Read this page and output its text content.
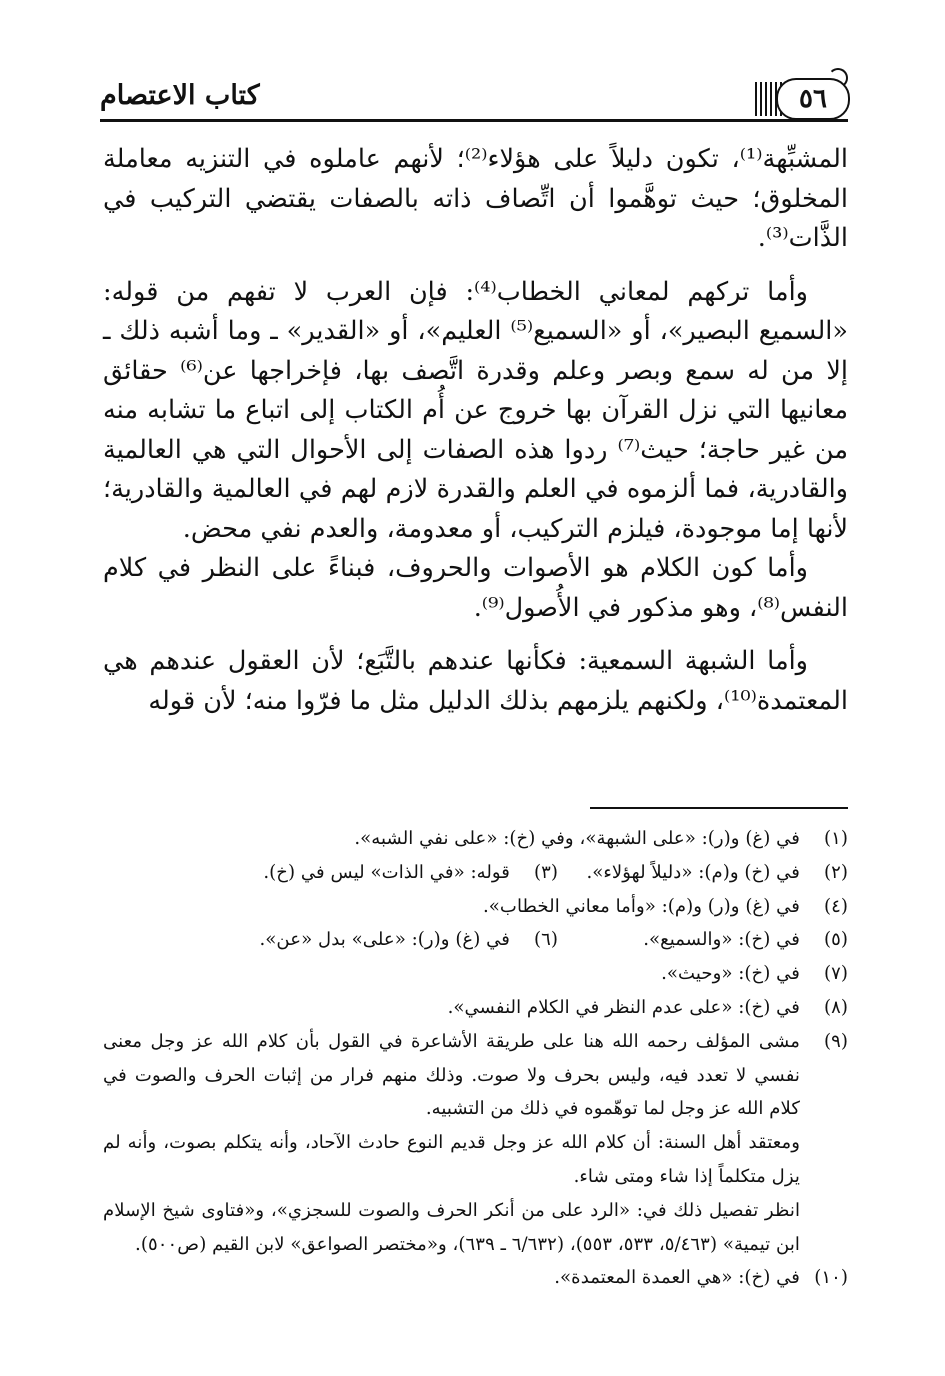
كتاب الاعتصام	٥٦

المشبِّهة⁽¹⁾، تكون دليلاً على هؤلاء⁽²⁾؛ لأنهم عاملوه في التنزيه معاملة المخلوق؛ حيث توهَّموا أن اتِّصاف ذاته بالصفات يقتضي التركيب في الذَّات⁽³⁾.

وأما تركهم لمعاني الخطاب⁽⁴⁾: فإن العرب لا تفهم من قوله: «السميع البصير»، أو «السميع⁽⁵⁾ العليم»، أو «القدير» ـ وما أشبه ذلك ـ إلا من له سمع وبصر وعلم وقدرة اتَّصف بها، فإخراجها عن⁽⁶⁾ حقائق معانيها التي نزل القرآن بها خروج عن أُم الكتاب إلى اتباع ما تشابه منه من غير حاجة؛ حيث⁽⁷⁾ ردوا هذه الصفات إلى الأحوال التي هي العالمية والقادرية، فما ألزموه في العلم والقدرة لازم لهم في العالمية والقادرية؛ لأنها إما موجودة، فيلزم التركيب، أو معدومة، والعدم نفي محض.

وأما كون الكلام هو الأصوات والحروف، فبناءً على النظر في كلام النفس⁽⁸⁾، وهو مذكور في الأُصول⁽⁹⁾.

وأما الشبهة السمعية: فكأنها عندهم بالتَّبَع؛ لأن العقول عندهم هي المعتمدة⁽¹⁰⁾، ولكنهم يلزمهم بذلك الدليل مثل ما فرّوا منه؛ لأن قوله

(١)
في (غ) و(ر): «على الشبهة»، وفي (خ): «على نفي الشبه».
(٢)
في (خ) و(م): «دليلاً لهؤلاء».
(٣)
قوله: «في الذات» ليس في (خ).
(٤)
في (غ) و(ر) و(م): «وأما معاني الخطاب».
(٥)
في (خ): «والسميع».
(٦)
في (غ) و(ر): «على» بدل «عن».
(٧)
في (خ): «وحيث».
(٨)
في (خ): «على عدم النظر في الكلام النفسي».
(٩)
مشى المؤلف رحمه الله هنا على طريقة الأشاعرة في القول بأن كلام الله عز وجل معنى نفسي لا تعدد فيه، وليس بحرف ولا صوت. وذلك منهم فرار من إثبات الحرف والصوت في كلام الله عز وجل لما توهّموه في ذلك من التشبيه.
ومعتقد أهل السنة: أن كلام الله عز وجل قديم النوع حادث الآحاد، وأنه يتكلم بصوت، وأنه لم يزل متكلماً إذا شاء ومتى شاء.
انظر تفصيل ذلك في: «الرد على من أنكر الحرف والصوت للسجزي»، و«فتاوى شيخ الإسلام ابن تيمية» (٥/٤٦٣، ٥٣٣، ٥٥٣)، (٦/٦٣٢ ـ ٦٣٩)، و«مختصر الصواعق» لابن القيم (ص٥٠٠).
(١٠)
في (خ): «هي العمدة المعتمدة».
